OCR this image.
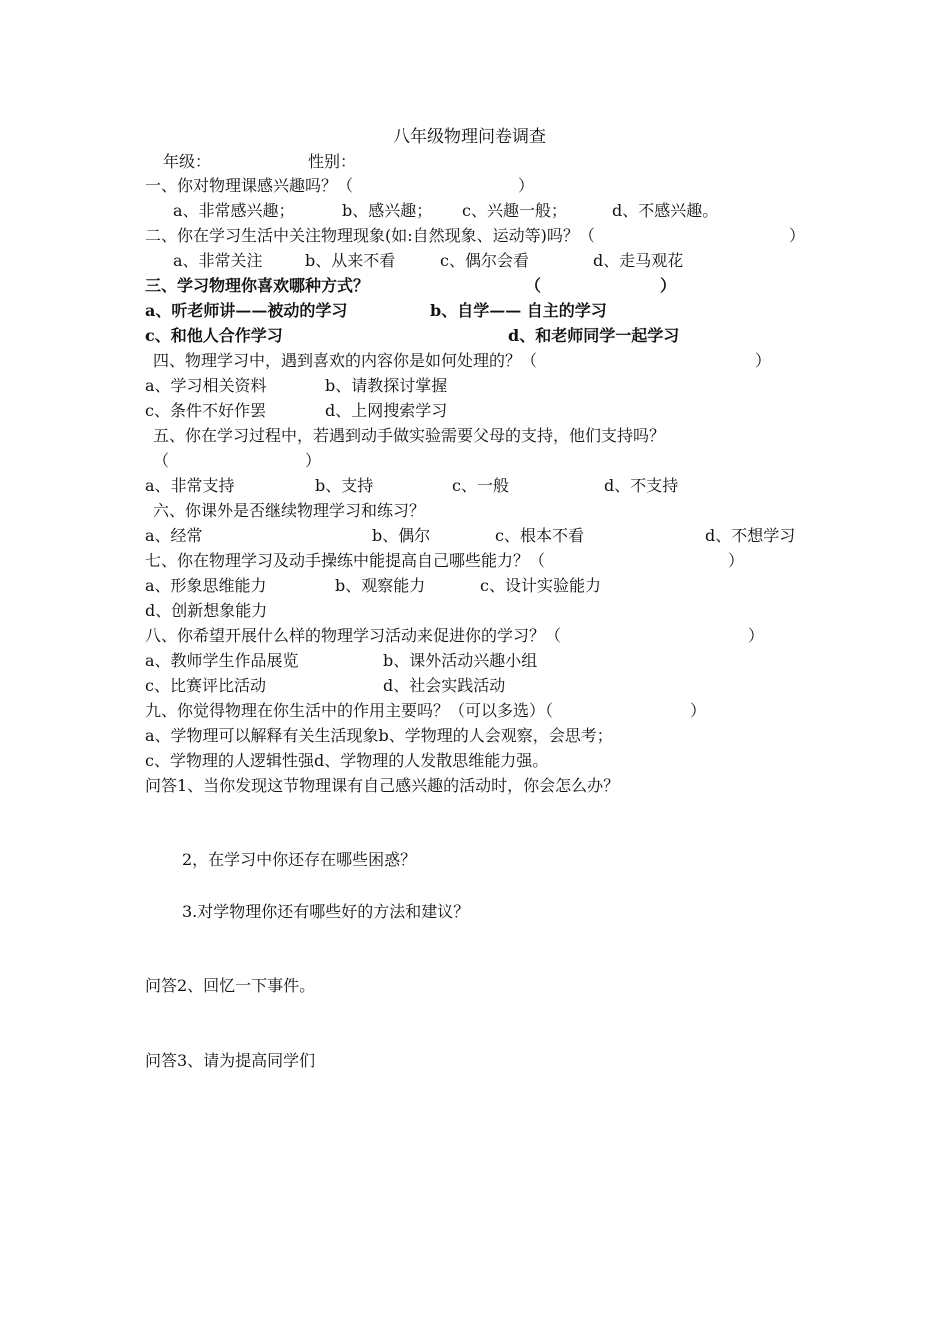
八年级物理问卷调查
年级：	性别：
一、你对物理课感兴趣吗？（	）
a、非常感兴趣；	b、感兴趣； c、兴趣一般；	d、不感兴趣。
二、你在学习生活中关注物理现象(如:自然现象、运动等)吗？（	）
a、非常关注	b、从来不看	c、偶尔会看	d、走马观花
三、学习物理你喜欢哪种方式？	（	）
a、听老师讲——被动的学习	b、自学—— 自主的学习
c、和他人合作学习	d、和老师同学一起学习
四、物理学习中，遇到喜欢的内容你是如何处理的？（	）
a、学习相关资料	b、请教探讨掌握
c、条件不好作罢	d、上网搜索学习
五、你在学习过程中，若遇到动手做实验需要父母的支持，他们支持吗？
（	）
a、非常支持	b、支持	c、一般	d、不支持
六、你课外是否继续物理学习和练习？
a、经常	b、偶尔	c、根本不看	d、不想学习
七、你在物理学习及动手操练中能提高自己哪些能力？（	）
a、形象思维能力	b、观察能力	c、设计实验能力
d、创新想象能力
八、你希望开展什么样的物理学习活动来促进你的学习？（	）
a、教师学生作品展览	b、课外活动兴趣小组
c、比赛评比活动	d、社会实践活动
九、你觉得物理在你生活中的作用主要吗？（可以多选）（	）
a、学物理可以解释有关生活现象b、学物理的人会观察，会思考；
c、学物理的人逻辑性强d、学物理的人发散思维能力强。
问答1、当你发现这节物理课有自己感兴趣的活动时，你会怎么办？
2，在学习中你还存在哪些困惑？
3.对学物理你还有哪些好的方法和建议？
问答2、回忆一下事件。
问答3、请为提高同学们
